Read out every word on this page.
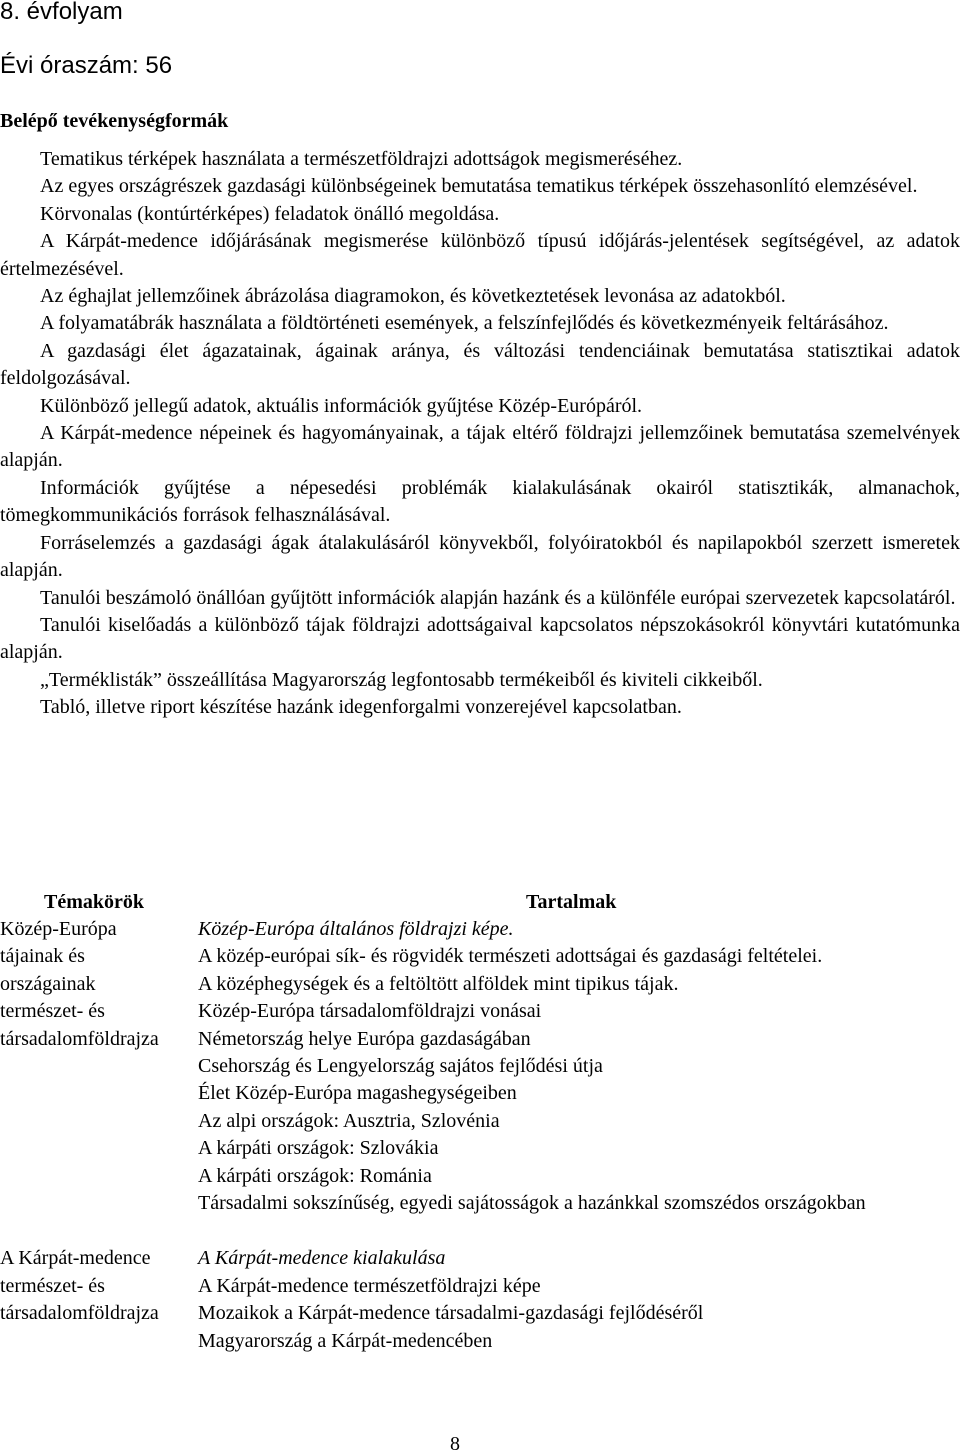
8. évfolyam
Évi óraszám: 56
Belépő tevékenységformák

Tematikus térképek használata a természetföldrajzi adottságok megismeréséhez.

Az egyes országrészek gazdasági különbségeinek bemutatása tematikus térképek összehasonlító elemzésével.

Körvonalas (kontúrtérképes) feladatok önálló megoldása.

A Kárpát-medence időjárásának megismerése különböző típusú időjárás-jelentések segítségével, az adatok értelmezésével.

Az éghajlat jellemzőinek ábrázolása diagramokon, és következtetések levonása az adatokból.

A folyamatábrák használata a földtörténeti események, a felszínfejlődés és következményeik feltárásához.

A gazdasági élet ágazatainak, ágainak aránya, és változási tendenciáinak bemutatása statisztikai adatok feldolgozásával.

Különböző jellegű adatok, aktuális információk gyűjtése Közép-Európáról.

A Kárpát-medence népeinek és hagyományainak, a tájak eltérő földrajzi jellemzőinek bemutatása szemelvények alapján.

Információk gyűjtése a népesedési problémák kialakulásának okairól statisztikák, almanachok, tömegkommunikációs források felhasználásával.

Forráselemzés a gazdasági ágak átalakulásáról könyvekből, folyóiratokból és napilapokból szerzett ismeretek alapján.

Tanulói beszámoló önállóan gyűjtött információk alapján hazánk és a különféle európai szervezetek kapcsolatáról.

Tanulói kiselőadás a különböző tájak földrajzi adottságaival kapcsolatos népszokásokról könyvtári kutatómunka alapján.

„Terméklisták” összeállítása Magyarország legfontosabb termékeiből és kiviteli cikkeiből.

Tabló, illetve riport készítése hazánk idegenforgalmi vonzerejével kapcsolatban.

Témakörök	Tartalmak
Közép-Európa
tájainak és
országainak
természet- és
társadalomföldrajza

Közép-Európa általános földrajzi képe.

A közép-európai sík- és rögvidék természeti adottságai és gazdasági feltételei.

A középhegységek és a feltöltött alföldek mint tipikus tájak.

Közép-Európa társadalomföldrajzi vonásai

Németország helye Európa gazdaságában

Csehország és Lengyelország sajátos fejlődési útja

Élet Közép-Európa magashegységeiben

Az alpi országok: Ausztria, Szlovénia

A kárpáti országok: Szlovákia

A kárpáti országok: Románia

Társadalmi sokszínűség, egyedi sajátosságok a hazánkkal szomszédos országokban

A Kárpát-medence
természet- és
társadalomföldrajza

A Kárpát-medence kialakulása

A Kárpát-medence természetföldrajzi képe

Mozaikok a Kárpát-medence társadalmi-gazdasági fejlődéséről

Magyarország a Kárpát-medencében

8
